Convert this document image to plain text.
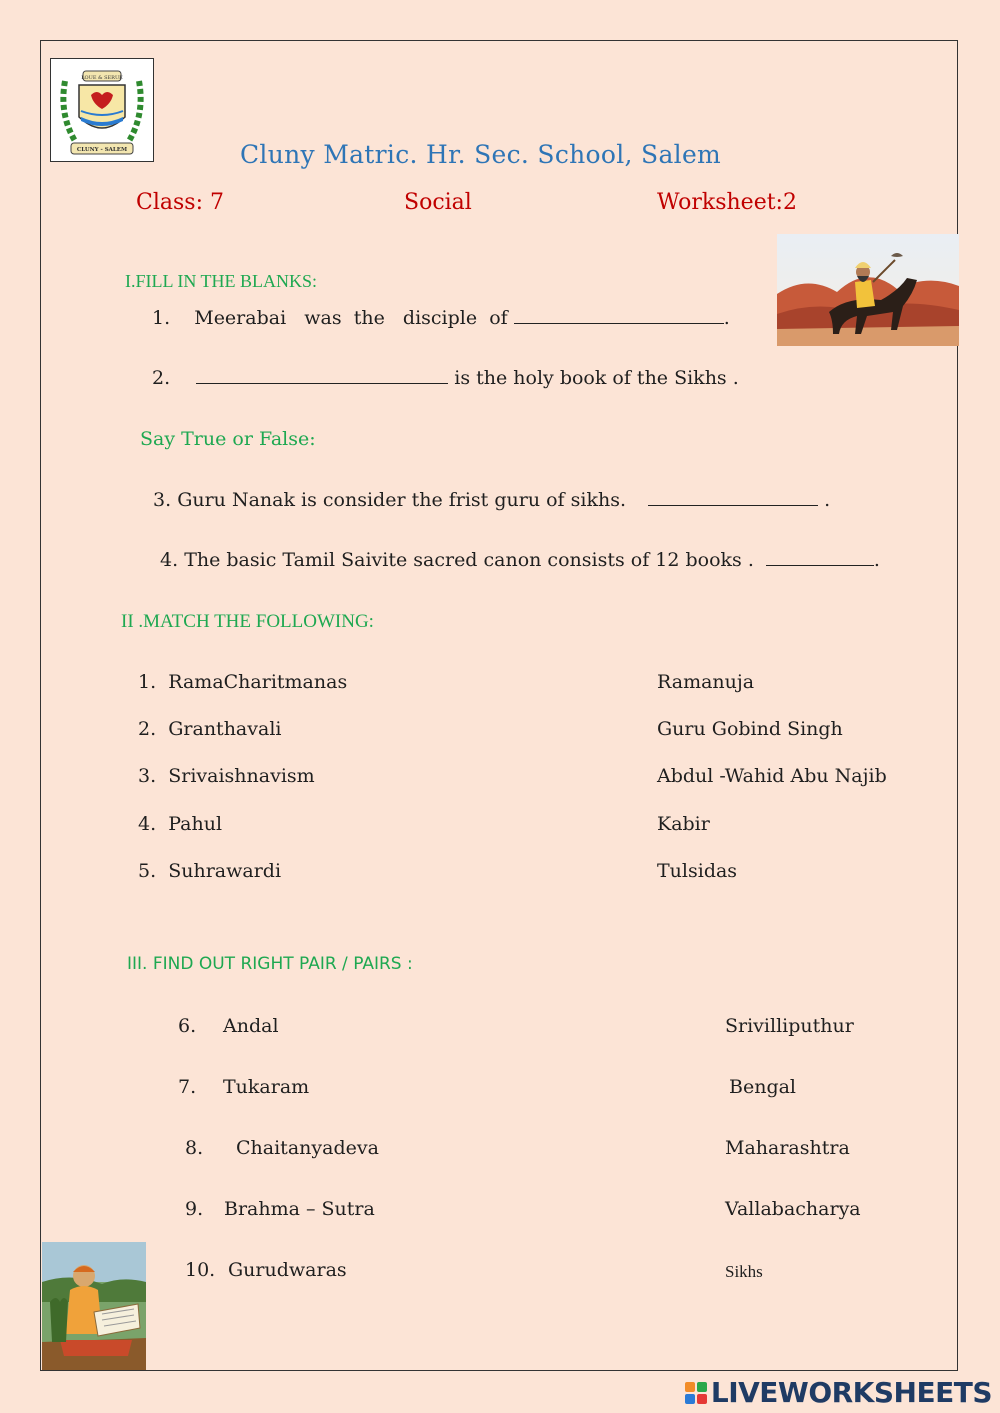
LOUE & SERUE
CLUNY - SALEM	Cluny Matric. Hr. Sec. School, Salem
Class: 7	Social	Worksheet:2
I.FILL IN THE BLANKS:
1. Meerabai   was  the   disciple  of	.
2.	is the holy book of the Sikhs .
Say True or False:
3. Guru Nanak is consider the frist guru of sikhs.	.
4. The basic Tamil Saivite sacred canon consists of 12 books .	.
II .MATCH THE FOLLOWING:
1. RamaCharitmanas	Ramanuja
2. Granthavali	Guru Gobind Singh
3. Srivaishnavism	Abdul -Wahid Abu Najib
4. Pahul	Kabir
5. Suhrawardi	Tulsidas
III. FIND OUT RIGHT PAIR / PAIRS :
6. Andal	Srivilliputhur
7. Tukaram	Bengal
8. Chaitanyadeva	Maharashtra
9. Brahma – Sutra	Vallabacharya
10. Gurudwaras	Sikhs
LIVEWORKSHEETS
